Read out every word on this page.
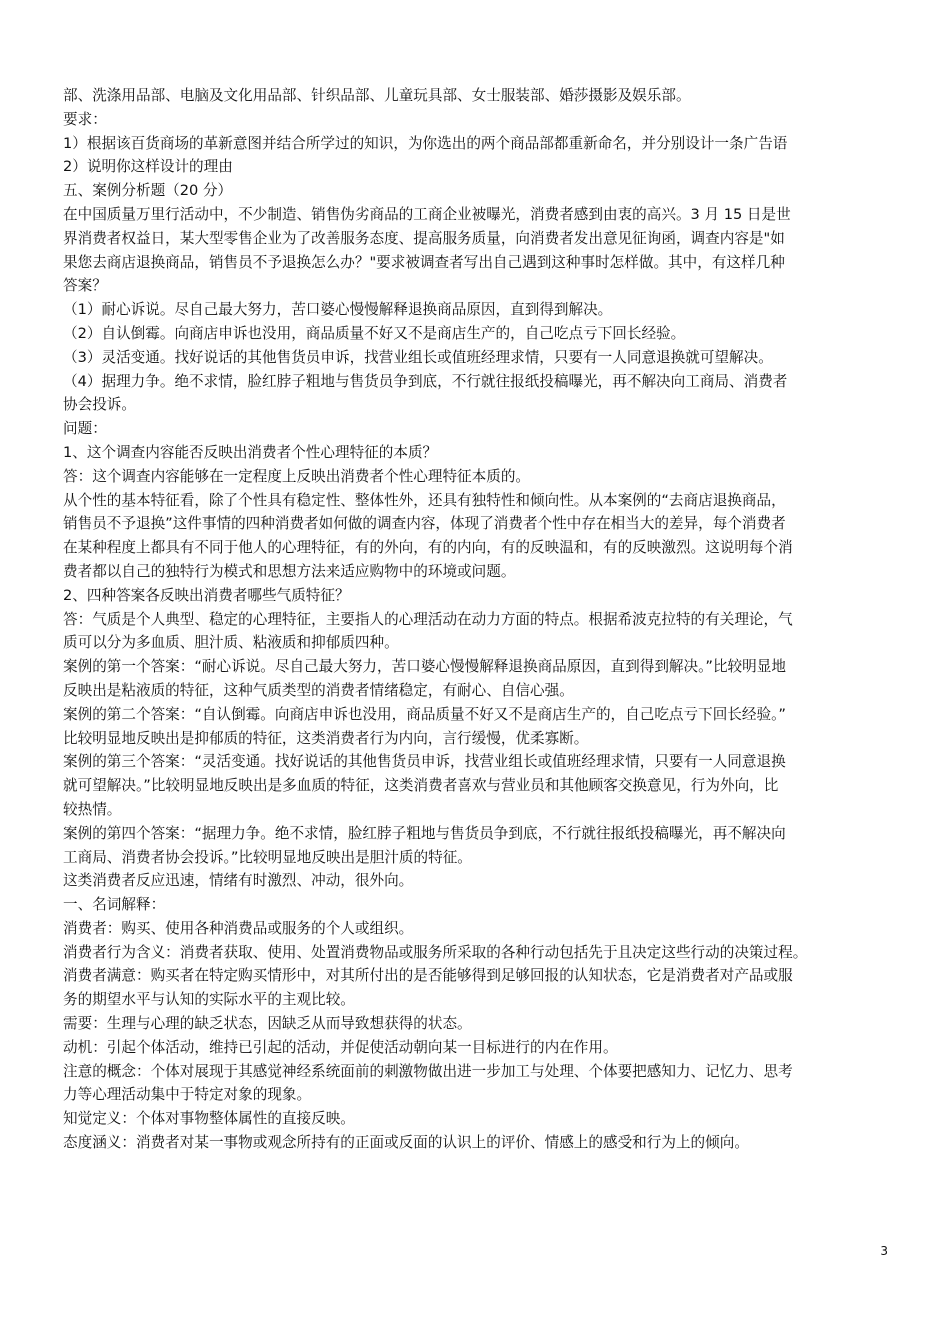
部、洗涤用品部、电脑及文化用品部、针织品部、儿童玩具部、女士服装部、婚莎摄影及娱乐部。
要求：
1）根据该百货商场的革新意图并结合所学过的知识，为你选出的两个商品部都重新命名，并分别设计一条广告语
2）说明你这样设计的理由
五、案例分析题（20 分）
在中国质量万里行活动中，不少制造、销售伪劣商品的工商企业被曝光，消费者感到由衷的高兴。3 月 15 日是世
界消费者权益日，某大型零售企业为了改善服务态度、提高服务质量，向消费者发出意见征询函，调查内容是"如
果您去商店退换商品，销售员不予退换怎么办？"要求被调查者写出自己遇到这种事时怎样做。其中，有这样几种
答案？
（1）耐心诉说。尽自己最大努力，苦口婆心慢慢解释退换商品原因，直到得到解决。
（2）自认倒霉。向商店申诉也没用，商品质量不好又不是商店生产的，自己吃点亏下回长经验。
（3）灵活变通。找好说话的其他售货员申诉，找营业组长或值班经理求情，只要有一人同意退换就可望解决。
（4）据理力争。绝不求情，脸红脖子粗地与售货员争到底，不行就往报纸投稿曝光，再不解决向工商局、消费者
协会投诉。
问题：
1、这个调查内容能否反映出消费者个性心理特征的本质？
答：这个调查内容能够在一定程度上反映出消费者个性心理特征本质的。
从个性的基本特征看，除了个性具有稳定性、整体性外，还具有独特性和倾向性。从本案例的“去商店退换商品，
销售员不予退换”这件事情的四种消费者如何做的调查内容，体现了消费者个性中存在相当大的差异，每个消费者
在某种程度上都具有不同于他人的心理特征，有的外向，有的内向，有的反映温和，有的反映激烈。这说明每个消
费者都以自己的独特行为模式和思想方法来适应购物中的环境或问题。
2、四种答案各反映出消费者哪些气质特征？
答：气质是个人典型、稳定的心理特征，主要指人的心理活动在动力方面的特点。根据希波克拉特的有关理论，气
质可以分为多血质、胆汁质、粘液质和抑郁质四种。
案例的第一个答案：“耐心诉说。尽自己最大努力，苦口婆心慢慢解释退换商品原因，直到得到解决。”比较明显地
反映出是粘液质的特征，这种气质类型的消费者情绪稳定，有耐心、自信心强。
案例的第二个答案：“自认倒霉。向商店申诉也没用，商品质量不好又不是商店生产的，自己吃点亏下回长经验。”
比较明显地反映出是抑郁质的特征，这类消费者行为内向，言行缓慢，优柔寡断。
案例的第三个答案：“灵活变通。找好说话的其他售货员申诉，找营业组长或值班经理求情，只要有一人同意退换
就可望解决。”比较明显地反映出是多血质的特征，这类消费者喜欢与营业员和其他顾客交换意见，行为外向，比
较热情。
案例的第四个答案：“据理力争。绝不求情，脸红脖子粗地与售货员争到底，不行就往报纸投稿曝光，再不解决向
工商局、消费者协会投诉。”比较明显地反映出是胆汁质的特征。
这类消费者反应迅速，情绪有时激烈、冲动，很外向。
一、名词解释：
消费者：购买、使用各种消费品或服务的个人或组织。
消费者行为含义：消费者获取、使用、处置消费物品或服务所采取的各种行动包括先于且决定这些行动的决策过程。
消费者满意：购买者在特定购买情形中，对其所付出的是否能够得到足够回报的认知状态，它是消费者对产品或服
务的期望水平与认知的实际水平的主观比较。
需要：生理与心理的缺乏状态，因缺乏从而导致想获得的状态。
动机：引起个体活动，维持已引起的活动，并促使活动朝向某一目标进行的内在作用。
注意的概念：个体对展现于其感觉神经系统面前的刺激物做出进一步加工与处理、个体要把感知力、记忆力、思考
力等心理活动集中于特定对象的现象。
知觉定义：个体对事物整体属性的直接反映。
态度涵义：消费者对某一事物或观念所持有的正面或反面的认识上的评价、情感上的感受和行为上的倾向。
3
